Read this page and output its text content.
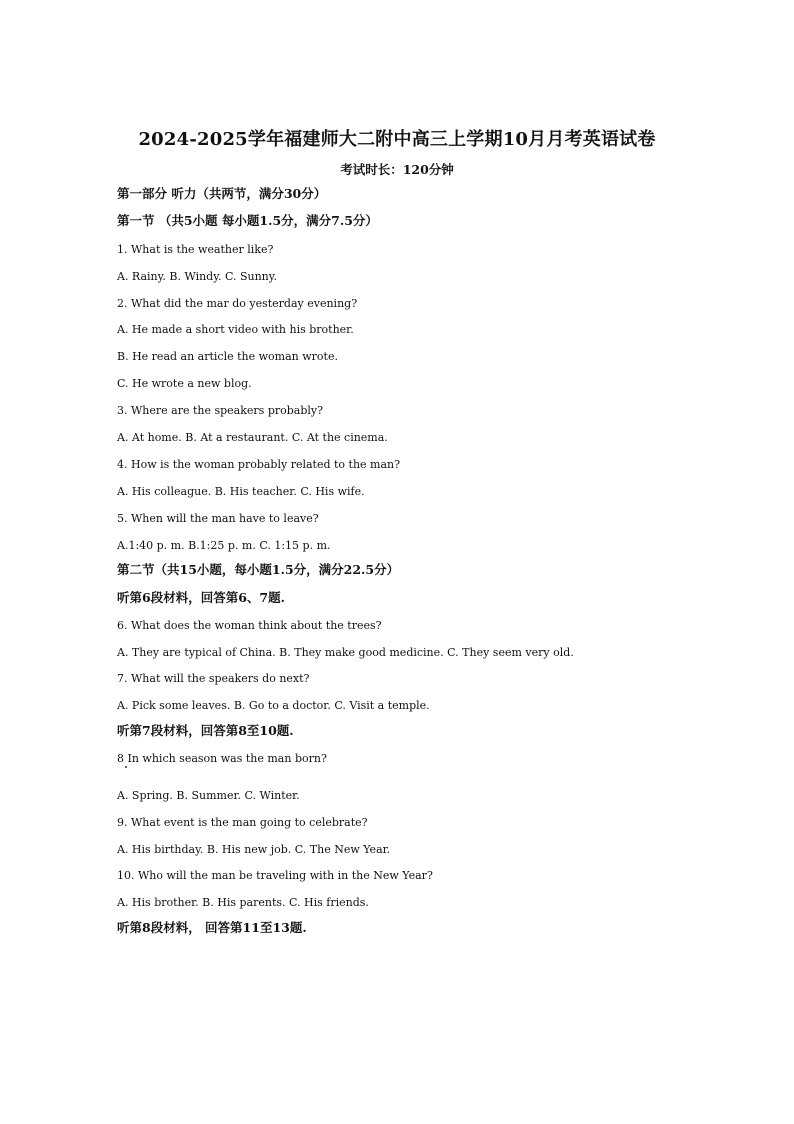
2024-2025学年福建师大二附中高三上学期10月月考英语试卷
考试时长：120分钟
第一部分 听力（共两节，满分30分）
第一节 （共5小题 每小题1.5分，满分7.5分）
1. What is the weather like?
A. Rainy. B. Windy. C. Sunny.
2. What did the mar do yesterday evening?
A. He made a short video with his brother.
B. He read an article the woman wrote.
C. He wrote a new blog.
3. Where are the speakers probably?
A. At home. B. At a restaurant. C. At the cinema.
4. How is the woman probably related to the man?
A. His colleague. B. His teacher. C. His wife.
5. When will the man have to leave?
A.1:40 p. m. B.1:25 p. m. C. 1:15 p. m.
第二节（共15小题，每小题1.5分，满分22.5分）
听第6段材料，回答第6、7题.
6. What does the woman think about the trees?
A. They are typical of China. B. They make good medicine. C. They seem very old.
7. What will the speakers do next?
A. Pick some leaves. B. Go to a doctor. C. Visit a temple.
听第7段材料，回答第8至10题.
8 In which season was the man born?
A. Spring. B. Summer. C. Winter.
9. What event is the man going to celebrate?
A. His birthday. B. His new job. C. The New Year.
10. Who will the man be traveling with in the New Year?
A. His brother. B. His parents. C. His friends.
听第8段材料， 回答第11至13题.
